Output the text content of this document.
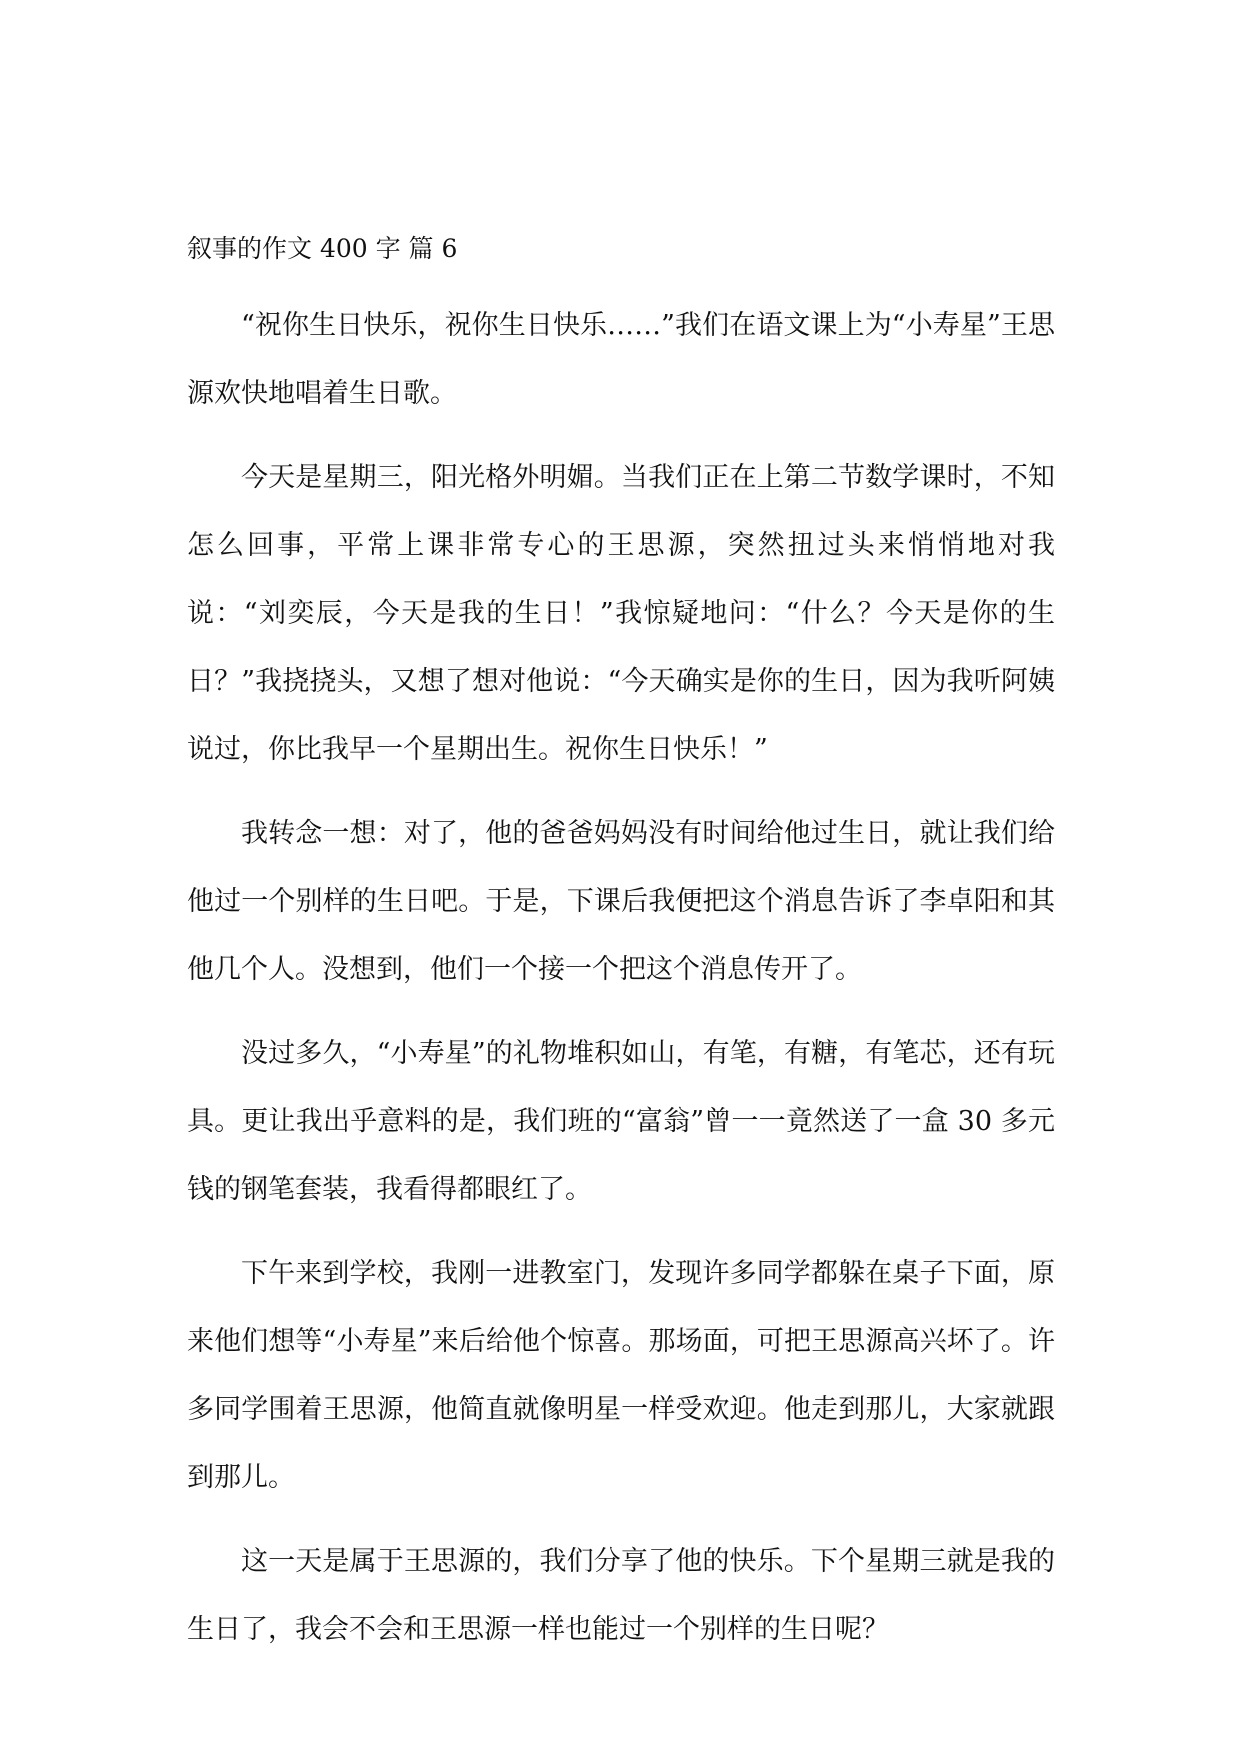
叙事的作文 400 字 篇 6

“祝你生日快乐，祝你生日快乐……”我们在语文课上为“小寿星”王思源欢快地唱着生日歌。

今天是星期三，阳光格外明媚。当我们正在上第二节数学课时，不知怎么回事，平常上课非常专心的王思源，突然扭过头来悄悄地对我说：“刘奕辰，今天是我的生日！”我惊疑地问：“什么？今天是你的生日？”我挠挠头，又想了想对他说：“今天确实是你的生日，因为我听阿姨说过，你比我早一个星期出生。祝你生日快乐！”

我转念一想：对了，他的爸爸妈妈没有时间给他过生日，就让我们给他过一个别样的生日吧。于是，下课后我便把这个消息告诉了李卓阳和其他几个人。没想到，他们一个接一个把这个消息传开了。

没过多久，“小寿星”的礼物堆积如山，有笔，有糖，有笔芯，还有玩具。更让我出乎意料的是，我们班的“富翁”曾一一竟然送了一盒 30 多元钱的钢笔套装，我看得都眼红了。

下午来到学校，我刚一进教室门，发现许多同学都躲在桌子下面，原来他们想等“小寿星”来后给他个惊喜。那场面，可把王思源高兴坏了。许多同学围着王思源，他简直就像明星一样受欢迎。他走到那儿，大家就跟到那儿。

这一天是属于王思源的，我们分享了他的快乐。下个星期三就是我的生日了，我会不会和王思源一样也能过一个别样的生日呢？
